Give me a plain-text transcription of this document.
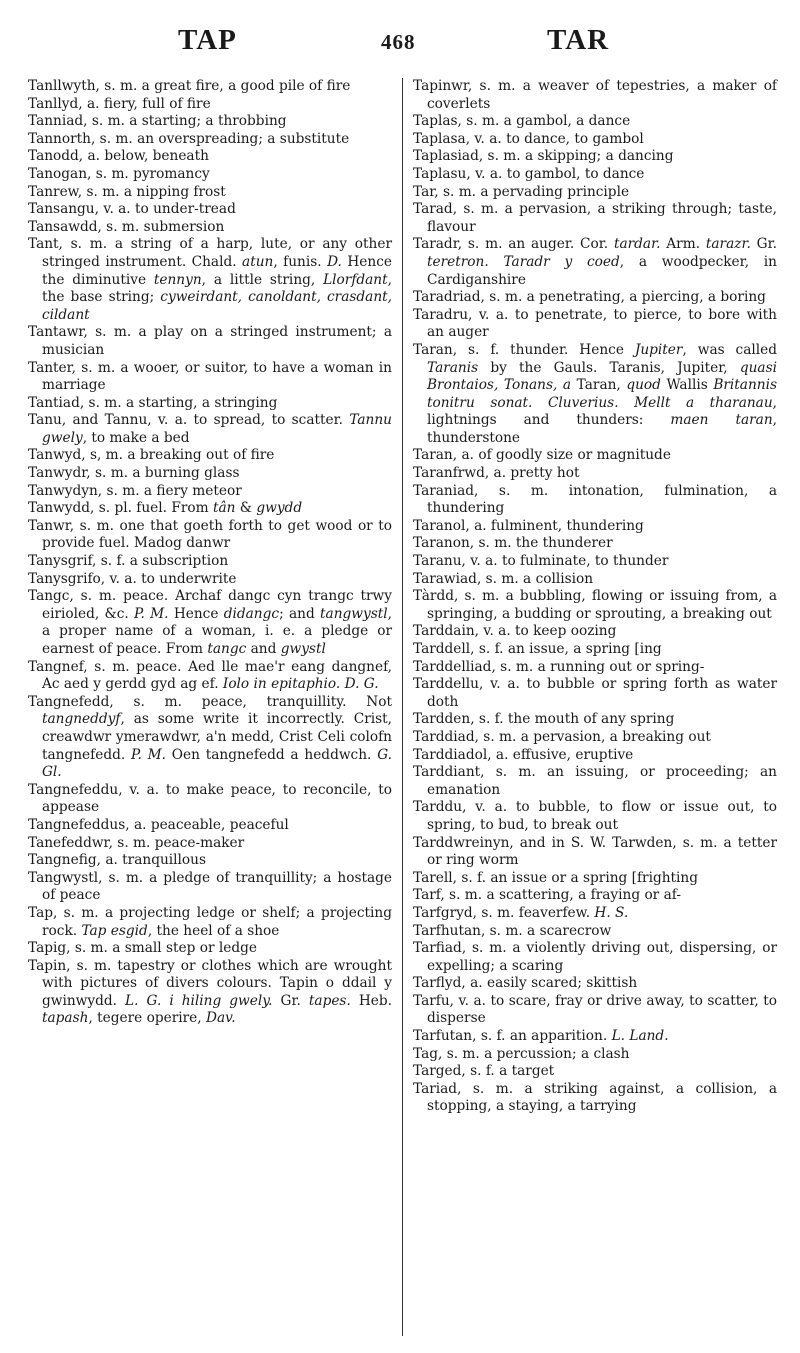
TAP	468	TAR

Tanllwyth, s. m. a great fire, a good pile of fire

Tanllyd, a. fiery, full of fire

Tanniad, s. m. a starting; a throbbing

Tannorth, s. m. an overspreading; a substitute

Tanodd, a. below, beneath

Tanogan, s. m. pyromancy

Tanrew, s. m. a nipping frost

Tansangu, v. a. to under-tread

Tansawdd, s. m. submersion

Tant, s. m. a string of a harp, lute, or any other stringed instrument. Chald. atun, funis. D. Hence the diminutive tennyn, a little string, Llorfdant, the base string; cyweirdant, canoldant, crasdant, cildant

Tantawr, s. m. a play on a stringed instrument; a musician

Tanter, s. m. a wooer, or suitor, to have a woman in marriage

Tantiad, s. m. a starting, a stringing

Tanu, and Tannu, v. a. to spread, to scatter. Tannu gwely, to make a bed

Tanwyd, s, m. a breaking out of fire

Tanwydr, s. m. a burning glass

Tanwydyn, s. m. a fiery meteor

Tanwydd, s. pl. fuel. From tân & gwydd

Tanwr, s. m. one that goeth forth to get wood or to provide fuel. Madog danwr

Tanysgrif, s. f. a subscription

Tanysgrifo, v. a. to underwrite

Tangc, s. m. peace. Archaf dangc cyn trangc trwy eirioled, &c. P. M. Hence didangc; and tangwystl, a proper name of a woman, i. e. a pledge or earnest of peace. From tangc and gwystl

Tangnef, s. m. peace. Aed lle mae'r eang dangnef, Ac aed y gerdd gyd ag ef. Iolo in epitaphio. D. G.

Tangnefedd, s. m. peace, tranquillity. Not tangneddyf, as some write it incorrectly. Crist, creawdwr ymerawdwr, a'n medd, Crist Celi colofn tangnefedd. P. M. Oen tangnefedd a heddwch. G. Gl.

Tangnefeddu, v. a. to make peace, to reconcile, to appease

Tangnefeddus, a. peaceable, peaceful

Tanefeddwr, s. m. peace-maker

Tangnefig, a. tranquillous

Tangwystl, s. m. a pledge of tranquillity; a hostage of peace

Tap, s. m. a projecting ledge or shelf; a projecting rock. Tap esgid, the heel of a shoe

Tapig, s. m. a small step or ledge

Tapin, s. m. tapestry or clothes which are wrought with pictures of divers colours. Tapin o ddail y gwinwydd. L. G. i hiling gwely. Gr. tapes. Heb. tapash, tegere operire, Dav.

Tapinwr, s. m. a weaver of tepestries, a maker of coverlets

Taplas, s. m. a gambol, a dance

Taplasa, v. a. to dance, to gambol

Taplasiad, s. m. a skipping; a dancing

Taplasu, v. a. to gambol, to dance

Tar, s. m. a pervading principle

Tarad, s. m. a pervasion, a striking through; taste, flavour

Taradr, s. m. an auger. Cor. tardar. Arm. tarazr. Gr. teretron. Taradr y coed, a woodpecker, in Cardiganshire

Taradriad, s. m. a penetrating, a piercing, a boring

Taradru, v. a. to penetrate, to pierce, to bore with an auger

Taran, s. f. thunder. Hence Jupiter, was called Taranis by the Gauls. Taranis, Jupiter, quasi Brontaios, Tonans, a Taran, quod Wallis Britannis tonitru sonat. Cluverius. Mellt a tharanau, lightnings and thunders: maen taran, thunderstone

Taran, a. of goodly size or magnitude

Taranfrwd, a. pretty hot

Taraniad, s. m. intonation, fulmination, a thundering

Taranol, a. fulminent, thundering

Taranon, s. m. the thunderer

Taranu, v. a. to fulminate, to thunder

Tarawiad, s. m. a collision

Tàrdd, s. m. a bubbling, flowing or issuing from, a springing, a budding or sprouting, a breaking out

Tarddain, v. a. to keep oozing

Tarddell, s. f. an issue, a spring [ing

Tarddelliad, s. m. a running out or spring-

Tarddellu, v. a. to bubble or spring forth as water doth

Tardden, s. f. the mouth of any spring

Tarddiad, s. m. a pervasion, a breaking out

Tarddiadol, a. effusive, eruptive

Tarddiant, s. m. an issuing, or proceeding; an emanation

Tarddu, v. a. to bubble, to flow or issue out, to spring, to bud, to break out

Tarddwreinyn, and in S. W. Tarwden, s. m. a tetter or ring worm

Tarell, s. f. an issue or a spring [frighting

Tarf, s. m. a scattering, a fraying or af-

Tarfgryd, s. m. feaverfew. H. S.

Tarfhutan, s. m. a scarecrow

Tarfiad, s. m. a violently driving out, dispersing, or expelling; a scaring

Tarflyd, a. easily scared; skittish

Tarfu, v. a. to scare, fray or drive away, to scatter, to disperse

Tarfutan, s. f. an apparition. L. Land.

Tag, s. m. a percussion; a clash

Targed, s. f. a target

Tariad, s. m. a striking against, a collision, a stopping, a staying, a tarrying
